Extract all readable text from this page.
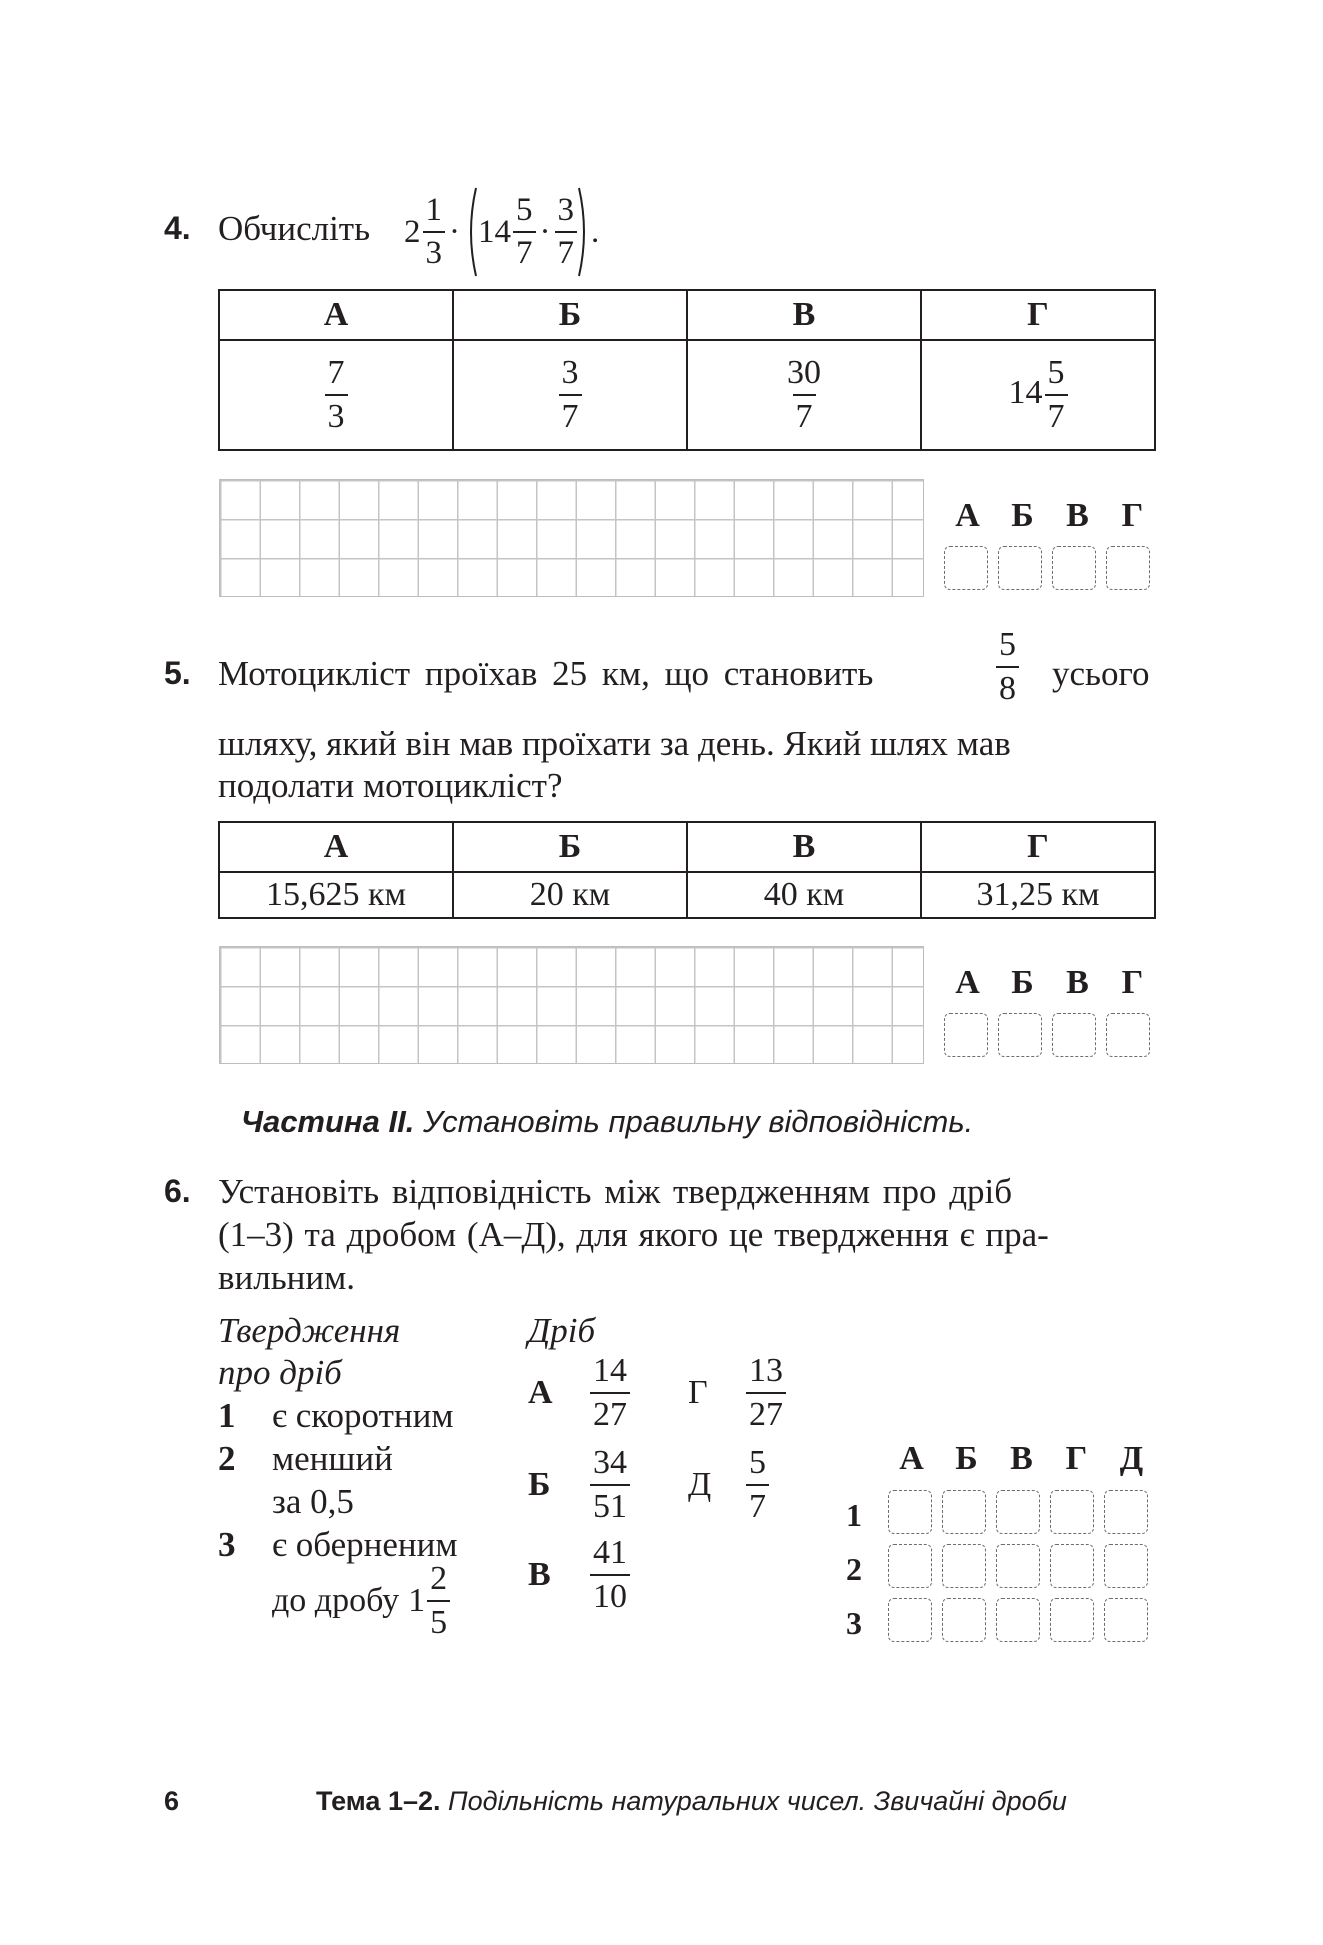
4. Обчисліть $2 \frac{1}{3} \cdot 14 \frac{5}{7} \cdot \frac{3}{7}$ .
А	Б	В	Г

$\frac{7}{3}$	$\frac{3}{7}$	$\frac{30}{7}$	$14 \frac{5}{7}$
А Б В Г
5. Мотоцикліст проїхав 25 км, що становить	$\frac{5}{8}$ усього
шляху, який він мав проїхати за день. Який шлях мав
подолати мотоцикліст?
А	Б	В	Г
15,625 км	20 км	40 км	31,25 км
А Б В Г
Частина II. Установіть правильну відповідність.
6. Установіть відповідність між твердженням про дріб
(1–3) та дробом (А–Д), для якого це твердження є пра-
вильним.
Твердження
про дріб
1 є скоротним
2 менший
за 0,5
3 є оберненим
до дробу $1 \frac{2}{5}$
Дріб
А	$\frac{14}{27}$
Б	$\frac{34}{51}$
В	$\frac{41}{10}$
Г	$\frac{13}{27}$
Д	$\frac{5}{7}$	А Б В Г Д
1
2
3
6	Тема 1–2. Подільність натуральних чисел. Звичайні дроби
